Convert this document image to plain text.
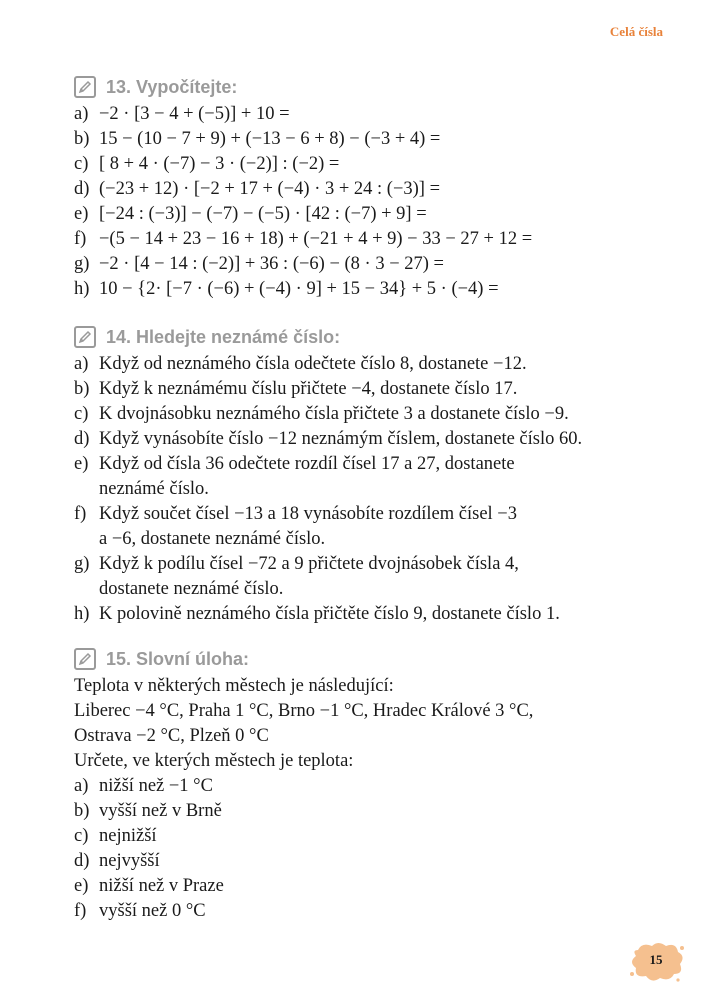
Celá čísla
13. Vypočítejte:
a) −2 · [3 − 4 + (−5)] + 10 =
b) 15 − (10 − 7 + 9) + (−13 − 6 + 8) − (−3 + 4) =
c) [ 8 + 4 · (−7) − 3 · (−2)] : (−2) =
d) (−23 + 12) · [−2 + 17 + (−4) · 3 + 24 : (−3)] =
e) [−24 : (−3)] − (−7) − (−5) · [42 : (−7) + 9] =
f) −(5 − 14 + 23 − 16 + 18) + (−21 + 4 + 9) − 33 − 27 + 12 =
g) −2 · [4 − 14 : (−2)] + 36 : (−6) − (8 · 3 − 27) =
h) 10 − {2· [−7 · (−6) + (−4) · 9] + 15 − 34} + 5 · (−4) =
14. Hledejte neznámé číslo:
a) Když od neznámého čísla odečtete číslo 8, dostanete −12.
b) Když k neznámému číslu přičtete −4, dostanete číslo 17.
c) K dvojnásobku neznámého čísla přičtete 3 a dostanete číslo −9.
d) Když vynásobíte číslo −12 neznámým číslem, dostanete číslo 60.
e) Když od čísla 36 odečtete rozdíl čísel 17 a 27, dostanete
neznámé číslo.
f) Když součet čísel −13 a 18 vynásobíte rozdílem čísel −3
a −6, dostanete neznámé číslo.
g) Když k podílu čísel −72 a 9 přičtete dvojnásobek čísla 4,
dostanete neznámé číslo.
h) K polovině neznámého čísla přičtěte číslo 9, dostanete číslo 1.
15. Slovní úloha:
Teplota v některých městech je následující:
Liberec −4 °C, Praha 1 °C, Brno −1 °C, Hradec Králové 3 °C,
Ostrava −2 °C, Plzeň 0 °C
Určete, ve kterých městech je teplota:
a) nižší než −1 °C
b) vyšší než v Brně
c) nejnižší
d) nejvyšší
e) nižší než v Praze
f) vyšší než 0 °C
15
